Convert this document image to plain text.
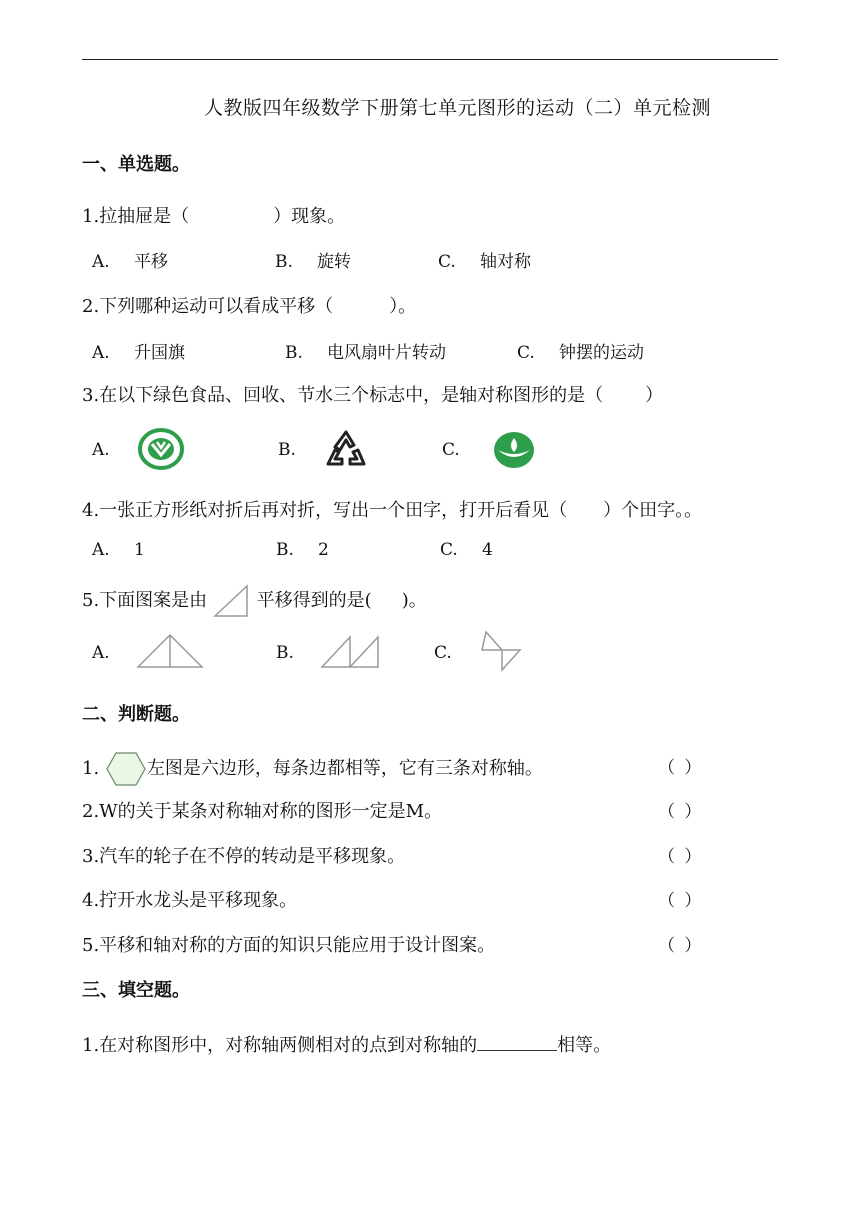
人教版四年级数学下册第七单元图形的运动（二）单元检测
一、单选题。
1.拉抽屉是（	）现象。
A. 平移	B. 旋转	C. 轴对称
2.下列哪种运动可以看成平移（	）。
A. 升国旗	B. 电风扇叶片转动	C. 钟摆的运动
3.在以下绿色食品、回收、节水三个标志中，是轴对称图形的是（ ）
A.	B.	C.
4.一张正方形纸对折后再对折，写出一个田字，打开后看见（ ）个田字。。
A. 1	B. 2	C. 4
5.下面图案是由	平移得到的是( )。
A.	B.	C.
二、判断题。
1.	左图是六边形，每条边都相等，它有三条对称轴。	（ ）
2.W的关于某条对称轴对称的图形一定是M。	（ ）
3.汽车的轮子在不停的转动是平移现象。	（ ）
4.拧开水龙头是平移现象。	（ ）
5.平移和轴对称的方面的知识只能应用于设计图案。	（ ）
三、填空题。
1.在对称图形中，对称轴两侧相对的点到对称轴的	相等。
